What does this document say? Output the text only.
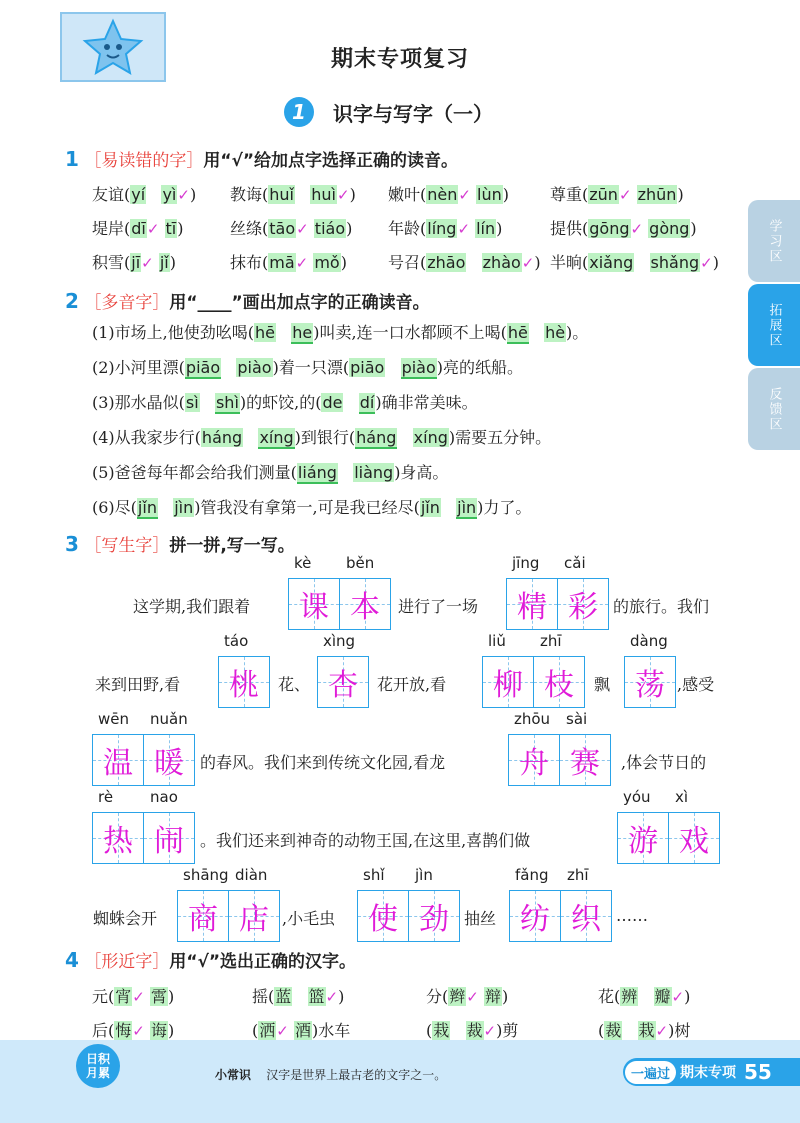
期末专项复习
1	识字与写字（一）
学习区
拓展区
反馈区
1 ［易读错的字］用“√”给加点字选择正确的读音。
友谊(yí yì✓) 教诲(huǐ huì✓) 嫩叶(nèn✓ lùn)	尊重(zūn✓ zhūn)
堤岸(dī✓ tī)	丝绦(tāo✓ tiáo) 年龄(líng✓ lín)	提供(gōng✓ gòng)
积雪(jī✓ jǐ)	抹布(mā✓ mǒ)	号召(zhāo zhào✓) 半晌(xiǎng shǎng✓)
2 ［多音字］用“____”画出加点字的正确读音。
(1)市场上,他使劲吆喝(hē he)叫卖,连一口水都顾不上喝(hē hè)。
(2)小河里漂(piāo piào)着一只漂(piāo piào)亮的纸船。
(3)那水晶似(sì shì)的虾饺,的(de dí)确非常美味。
(4)从我家步行(háng xíng)到银行(háng xíng)需要五分钟。
(5)爸爸每年都会给我们测量(liáng liàng)身高。
(6)尽(jǐn jìn)管我没有拿第一,可是我已经尽(jǐn jìn)力了。
3 ［写生字］拼一拼,写一写。
这学期,我们跟着	进行了一场	的旅行。我们
来到田野,看	花、	花开放,看	飘	,感受
的春风。我们来到传统文化园,看龙	,体会节日的
。我们还来到神奇的动物王国,在这里,喜鹊们做
蜘蛛会开	,小毛虫	抽丝	……
课 本
kè běn
精 彩
jīng cǎi
桃
táo
杏
xìng
柳 枝
liǔ zhī
荡
dàng
温 暖
wēn nuǎn
舟 赛
zhōu sài
热 闹
rè nao
游 戏
yóu xì
商 店
shāng diàn
使 劲
shǐ jìn
纺 织
fǎng zhī
4 ［形近字］用“√”选出正确的汉字。
元(宵✓ 霄)	摇(蓝 篮✓)	分(辫✓ 辩)	花(辨 瓣✓)
后(悔✓ 诲)	(洒✓ 酒)水车	(栽 裁✓)剪	(裁 栽✓)树
日积
月累	小常识 汉字是世界上最古老的文字之一。	一遍过 期末专项 55
